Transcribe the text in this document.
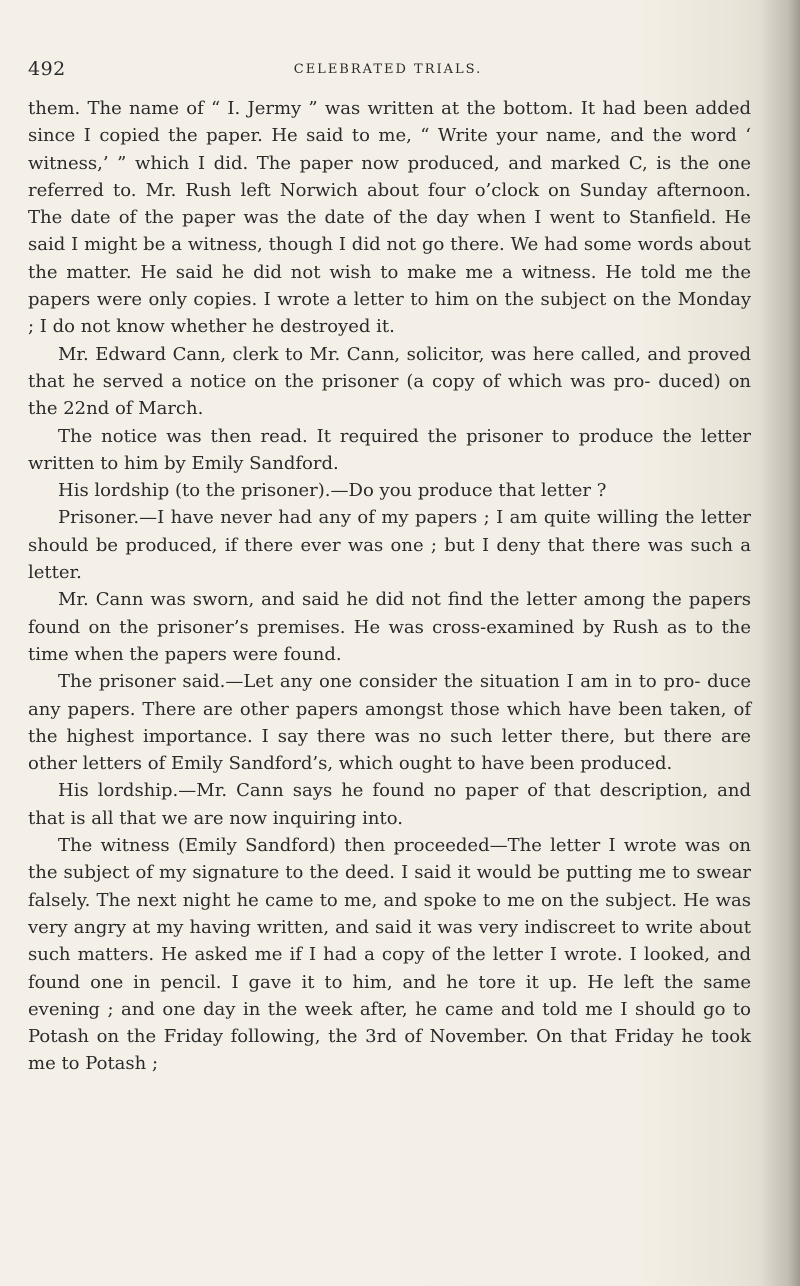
492	CELEBRATED TRIALS.

them. The name of “ I. Jermy ” was written at the bottom. It had been added since I copied the paper. He said to me, “ Write your name, and the word ‘ witness,’ ” which I did. The paper now produced, and marked C, is the one referred to. Mr. Rush left Norwich about four o’clock on Sunday afternoon. The date of the paper was the date of the day when I went to Stanfield. He said I might be a witness, though I did not go there. We had some words about the matter. He said he did not wish to make me a witness. He told me the papers were only copies. I wrote a letter to him on the subject on the Monday ; I do not know whether he destroyed it.

Mr. Edward Cann, clerk to Mr. Cann, solicitor, was here called, and proved that he served a notice on the prisoner (a copy of which was pro- duced) on the 22nd of March.

The notice was then read. It required the prisoner to produce the letter written to him by Emily Sandford.

His lordship (to the prisoner).—Do you produce that letter ?

Prisoner.—I have never had any of my papers ; I am quite willing the letter should be produced, if there ever was one ; but I deny that there was such a letter.

Mr. Cann was sworn, and said he did not find the letter among the papers found on the prisoner’s premises. He was cross-examined by Rush as to the time when the papers were found.

The prisoner said.—Let any one consider the situation I am in to pro- duce any papers. There are other papers amongst those which have been taken, of the highest importance. I say there was no such letter there, but there are other letters of Emily Sandford’s, which ought to have been produced.

His lordship.—Mr. Cann says he found no paper of that description, and that is all that we are now inquiring into.

The witness (Emily Sandford) then proceeded—The letter I wrote was on the subject of my signature to the deed. I said it would be putting me to swear falsely. The next night he came to me, and spoke to me on the subject. He was very angry at my having written, and said it was very indiscreet to write about such matters. He asked me if I had a copy of the letter I wrote. I looked, and found one in pencil. I gave it to him, and he tore it up. He left the same evening ; and one day in the week after, he came and told me I should go to Potash on the Friday following, the 3rd of November. On that Friday he took me to Potash ;
